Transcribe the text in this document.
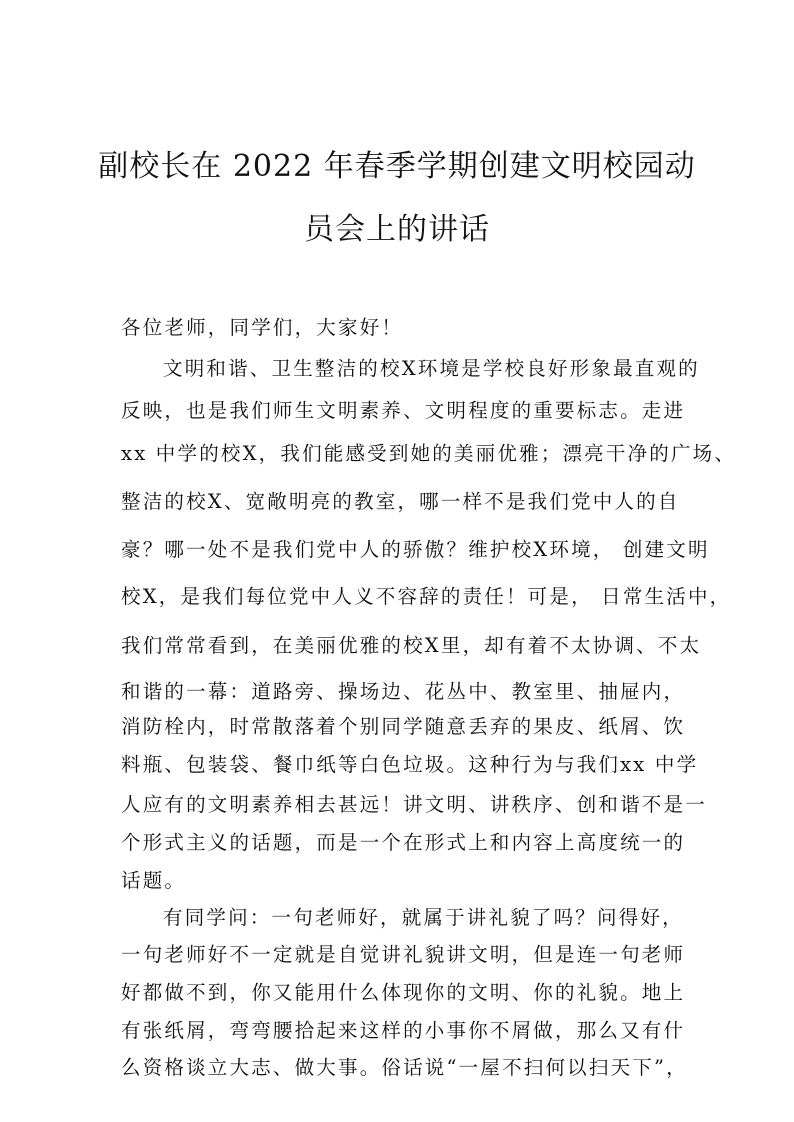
副校长在 2022 年春季学期创建文明校园动
员会上的讲话
各位老师，同学们，大家好！
文明和谐、卫生整洁的校X环境是学校良好形象最直观的
反映，也是我们师生文明素养、文明程度的重要标志。走进
xx 中学的校X，我们能感受到她的美丽优雅；漂亮干净的广场、
整洁的校X、宽敞明亮的教室，哪一样不是我们党中人的自
豪？哪一处不是我们党中人的骄傲？维护校X环境， 创建文明
校X，是我们每位党中人义不容辞的责任！可是， 日常生活中，
我们常常看到，在美丽优雅的校X里，却有着不太协调、不太
和谐的一幕：道路旁、操场边、花丛中、教室里、抽屉内，
消防栓内，时常散落着个别同学随意丢弃的果皮、纸屑、饮
料瓶、包装袋、餐巾纸等白色垃圾。这种行为与我们xx 中学
人应有的文明素养相去甚远！讲文明、讲秩序、创和谐不是一
个形式主义的话题，而是一个在形式上和内容上高度统一的
话题。
有同学问：一句老师好，就属于讲礼貌了吗？问得好，
一句老师好不一定就是自觉讲礼貌讲文明，但是连一句老师
好都做不到，你又能用什么体现你的文明、你的礼貌。地上
有张纸屑，弯弯腰拾起来这样的小事你不屑做，那么又有什
么资格谈立大志、做大事。俗话说“一屋不扫何以扫天下”，
